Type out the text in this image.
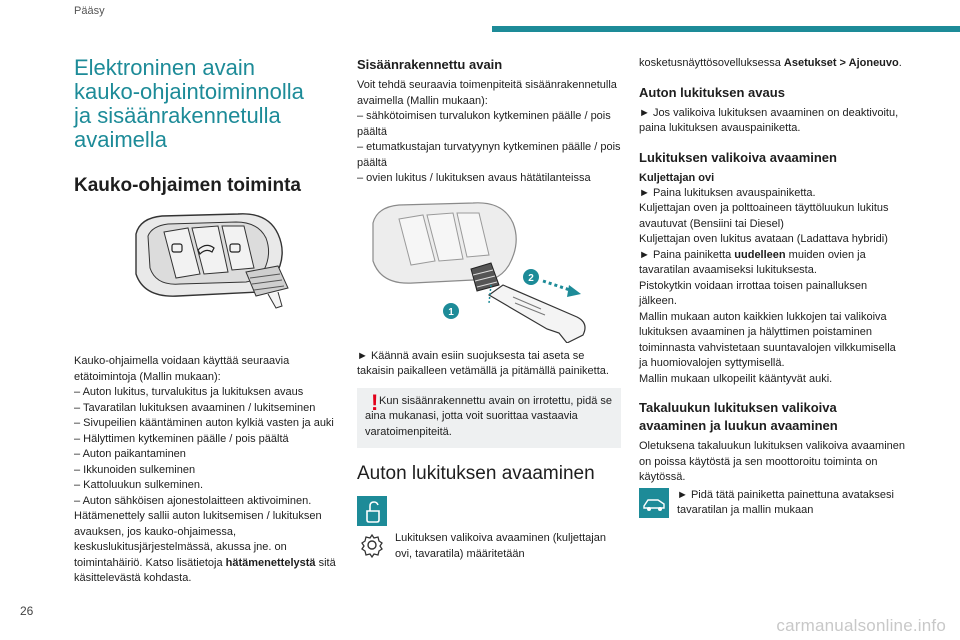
Pääsy
Elektroninen avain
kauko-ohjaintoiminnolla
ja sisäänrakennetulla
avaimella
Kauko-ohjaimen toiminta

Kauko-ohjaimella voidaan käyttää seuraavia etätoimintoja (Mallin mukaan):

– Auton lukitus, turvalukitus ja lukituksen avaus
– Tavaratilan lukituksen avaaminen / lukitseminen
– Sivupeilien kääntäminen auton kylkiä vasten ja auki
– Hälyttimen kytkeminen päälle / pois päältä
– Auton paikantaminen
– Ikkunoiden sulkeminen
– Kattoluukun sulkeminen.
– Auton sähköisen ajonestolaitteen aktivoiminen.

Hätämenettely sallii auton lukitsemisen / lukituksen avauksen, jos kauko-ohjaimessa, keskuslukitusjärjestelmässä, akussa jne. on toimintahäiriö. Katso lisätietoja hätämenettelystä sitä käsittelevästä kohdasta.

Sisäänrakennettu avain

Voit tehdä seuraavia toimenpiteitä sisäänrakennetulla avaimella (Mallin mukaan):

– sähkötoimisen turvalukon kytkeminen päälle / pois päältä
– etumatkustajan turvatyynyn kytkeminen päälle / pois päältä
– ovien lukitus / lukituksen avaus hätätilanteissa
1
2

► Käännä avain esiin suojuksesta tai aseta se takaisin paikalleen vetämällä ja pitämällä painiketta.

! Kun sisäänrakennettu avain on irrotettu, pidä se aina mukanasi, jotta voit suorittaa vastaavia varatoimenpiteitä.

Auton lukituksen avaaminen

Lukituksen valikoiva avaaminen (kuljettajan ovi, tavaratila) määritetään

kosketusnäyttösovelluksessa Asetukset > Ajoneuvo.

Auton lukituksen avaus

► Jos valikoiva lukituksen avaaminen on deaktivoitu, paina lukituksen avauspainiketta.

Lukituksen valikoiva avaaminen
Kuljettajan ovi
► Paina lukituksen avauspainiketta.
Kuljettajan oven ja polttoaineen täyttöluukun lukitus avautuvat (Bensiini tai Diesel)
Kuljettajan oven lukitus avataan (Ladattava hybridi)
► Paina painiketta uudelleen muiden ovien ja tavaratilan avaamiseksi lukituksesta.
Pistokytkin voidaan irrottaa toisen painalluksen jälkeen.
Mallin mukaan auton kaikkien lukkojen tai valikoiva lukituksen avaaminen ja hälyttimen poistaminen toiminnasta vahvistetaan suuntavalojen vilkkumisella ja huomiovalojen syttymisellä.
Mallin mukaan ulkopeilit kääntyvät auki.
Takaluukun lukituksen valikoiva avaaminen ja luukun avaaminen

Oletuksena takaluukun lukituksen valikoiva avaaminen on poissa käytöstä ja sen moottoroitu toiminta on käytössä.

► Pidä tätä painiketta painettuna avataksesi tavaratilan ja mallin mukaan

26
carmanualsonline.info
